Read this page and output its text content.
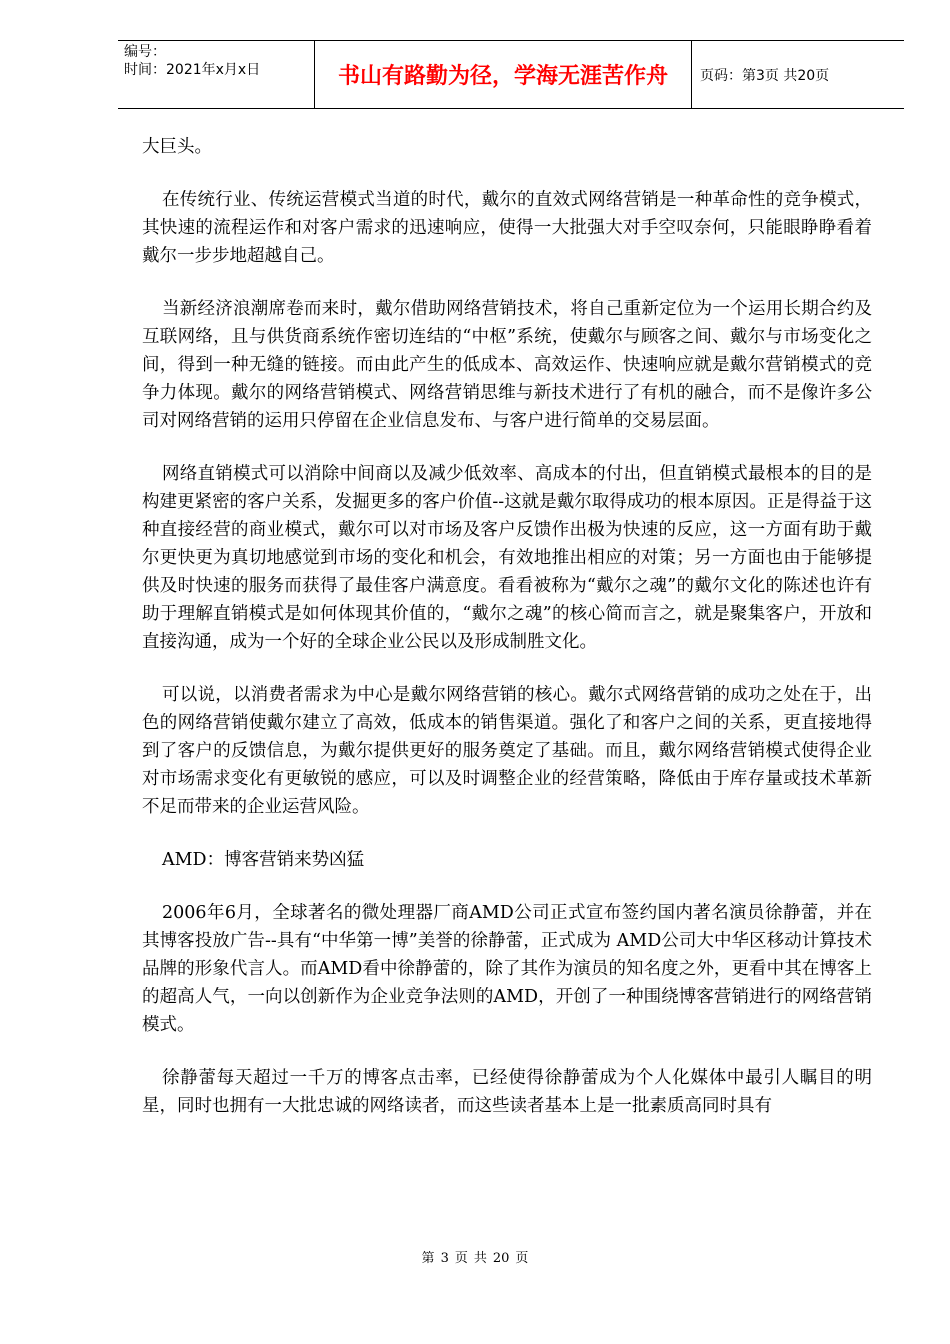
编号：
时间：2021年x月x日	书山有路勤为径，学海无涯苦作舟	页码：第3页 共20页

大巨头。

在传统行业、传统运营模式当道的时代，戴尔的直效式网络营销是一种革命性的竞争模式，其快速的流程运作和对客户需求的迅速响应，使得一大批强大对手空叹奈何，只能眼睁睁看着戴尔一步步地超越自己。

当新经济浪潮席卷而来时，戴尔借助网络营销技术，将自己重新定位为一个运用长期合约及互联网络，且与供货商系统作密切连结的“中枢”系统，使戴尔与顾客之间、戴尔与市场变化之间，得到一种无缝的链接。而由此产生的低成本、高效运作、快速响应就是戴尔营销模式的竞争力体现。戴尔的网络营销模式、网络营销思维与新技术进行了有机的融合，而不是像许多公司对网络营销的运用只停留在企业信息发布、与客户进行简单的交易层面。

网络直销模式可以消除中间商以及减少低效率、高成本的付出，但直销模式最根本的目的是构建更紧密的客户关系，发掘更多的客户价值--这就是戴尔取得成功的根本原因。正是得益于这种直接经营的商业模式，戴尔可以对市场及客户反馈作出极为快速的反应，这一方面有助于戴尔更快更为真切地感觉到市场的变化和机会，有效地推出相应的对策；另一方面也由于能够提供及时快速的服务而获得了最佳客户满意度。看看被称为“戴尔之魂”的戴尔文化的陈述也许有助于理解直销模式是如何体现其价值的，“戴尔之魂”的核心简而言之，就是聚集客户，开放和直接沟通，成为一个好的全球企业公民以及形成制胜文化。

可以说，以消费者需求为中心是戴尔网络营销的核心。戴尔式网络营销的成功之处在于，出色的网络营销使戴尔建立了高效，低成本的销售渠道。强化了和客户之间的关系，更直接地得到了客户的反馈信息，为戴尔提供更好的服务奠定了基础。而且，戴尔网络营销模式使得企业对市场需求变化有更敏锐的感应，可以及时调整企业的经营策略，降低由于库存量或技术革新不足而带来的企业运营风险。

AMD：博客营销来势凶猛

2006年6月，全球著名的微处理器厂商AMD公司正式宣布签约国内著名演员徐静蕾，并在其博客投放广告--具有“中华第一博”美誉的徐静蕾，正式成为 AMD公司大中华区移动计算技术品牌的形象代言人。而AMD看中徐静蕾的，除了其作为演员的知名度之外，更看中其在博客上的超高人气，一向以创新作为企业竞争法则的AMD，开创了一种围绕博客营销进行的网络营销模式。

徐静蕾每天超过一千万的博客点击率，已经使得徐静蕾成为个人化媒体中最引人瞩目的明星，同时也拥有一大批忠诚的网络读者，而这些读者基本上是一批素质高同时具有

第 3 页 共 20 页
